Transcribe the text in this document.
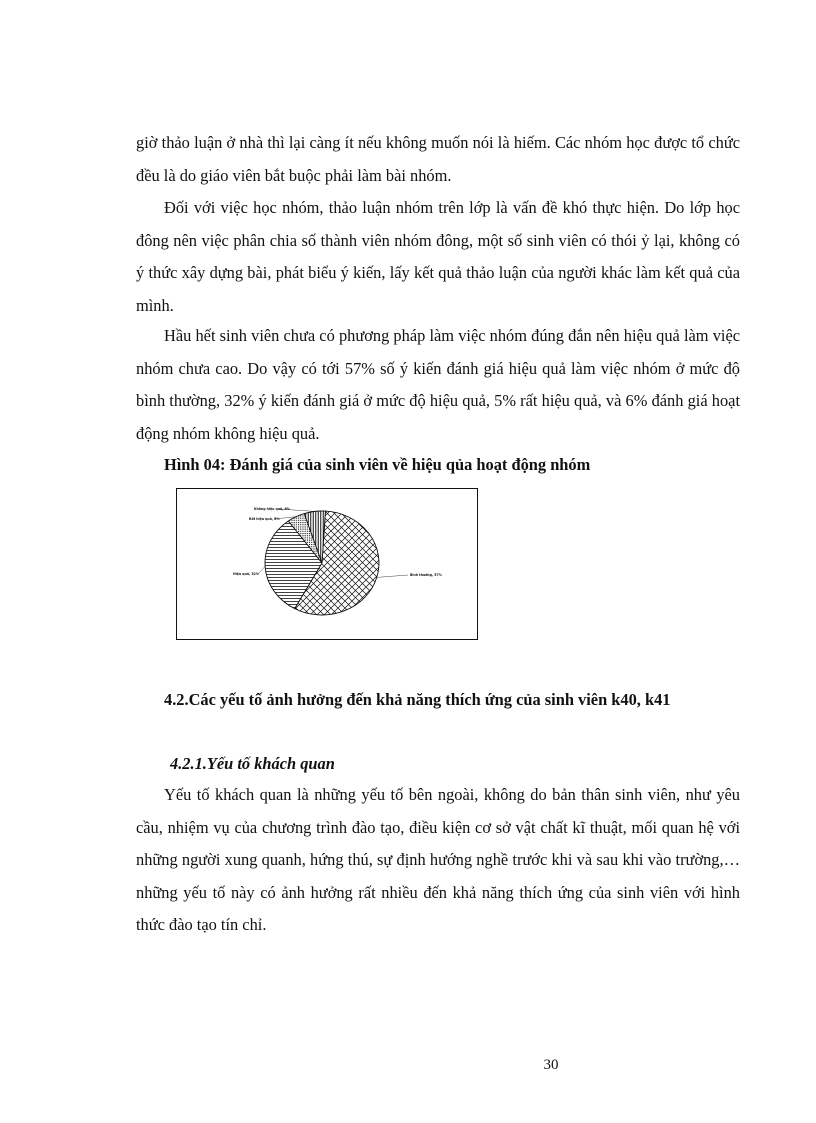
giờ thảo luận ở nhà thì lại càng ít nếu không muốn nói là hiếm. Các nhóm học được tổ chức đều là do giáo viên bắt buộc phải làm bài nhóm.

Đối với việc học nhóm, thảo luận nhóm trên lớp là vấn đề khó thực hiện. Do lớp học đông nên việc phân chia số thành viên nhóm đông, một số sinh viên có thói ỷ lại, không có ý thức xây dựng bài, phát biểu ý kiến, lấy kết quả thảo luận của người khác làm kết quả của mình.

Hầu hết sinh viên chưa có phương pháp làm việc nhóm đúng đắn nên hiệu quả làm việc nhóm chưa cao. Do vậy có tới 57% số ý kiến đánh giá hiệu quả làm việc nhóm ở mức độ bình thường, 32% ý kiến đánh giá ở mức độ hiệu quả, 5% rất hiệu quả, và 6% đánh giá hoạt động nhóm không hiệu quả.

Hình 04: Đánh giá của sinh viên về hiệu qủa hoạt động nhóm
Bình thường, 57%
Hiệu quả, 32%
Rất hiệu quả, 5%
Không hiệu quả, 6%
4.2.Các yếu tố ảnh hưởng đến khả năng thích ứng của sinh viên k40, k41
4.2.1.Yếu tố khách quan

Yếu tố khách quan là những yếu tố bên ngoài, không do bản thân sinh viên, như yêu cầu, nhiệm vụ của chương trình đào tạo, điều kiện cơ sở vật chất kĩ thuật, mối quan hệ với những người xung quanh, hứng thú, sự định hướng nghề trước khi và sau khi vào trường,…những yếu tố này có ảnh hưởng rất nhiều đến khả năng thích ứng của sinh viên với hình thức đào tạo tín chỉ.

30
